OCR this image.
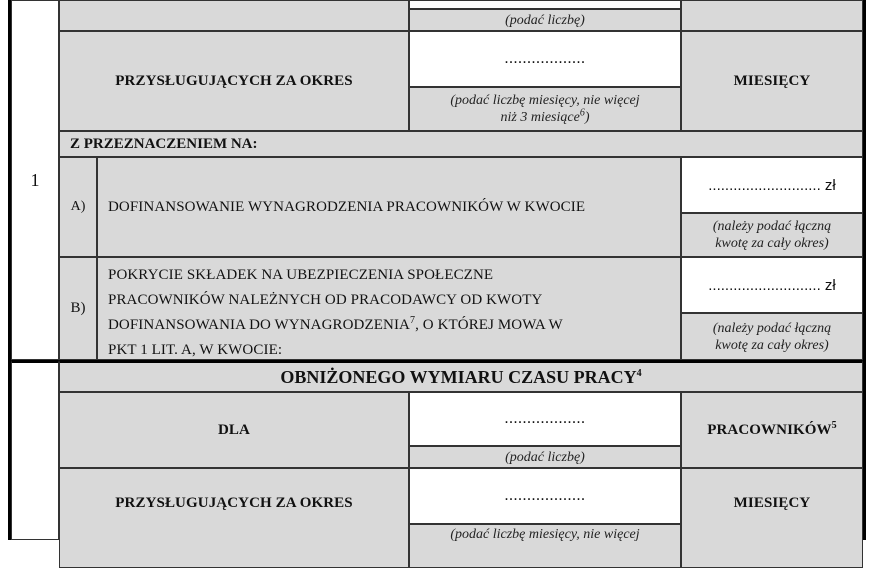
1
(podać liczbę)
PRZYSŁUGUJĄCYCH ZA OKRES
..................
(podać liczbę miesięcy, nie więcej
niż 3 miesiące$^6$)
MIESIĘCY
Z PRZEZNACZENIEM NA:
A) DOFINANSOWANIE WYNAGRODZENIA PRACOWNIKÓW W KWOCIE
........................... zł
(należy podać łączną
kwotę za cały okres)
B)
POKRYCIE SKŁADEK NA UBEZPIECZENIA SPOŁECZNE
PRACOWNIKÓW NALEŻNYCH OD PRACODAWCY OD KWOTY
DOFINANSOWANIA DO WYNAGRODZENIA$^7$, O KTÓREJ MOWA W
PKT 1 LIT. A, W KWOCIE:
........................... zł
(należy podać łączną
kwotę za cały okres)
OBNIŻONEGO WYMIARU CZASU PRACY$^4$
DLA
..................
(podać liczbę)
PRACOWNIKÓW$^5$
PRZYSŁUGUJĄCYCH ZA OKRES	..................
(podać liczbę miesięcy, nie więcej
MIESIĘCY
